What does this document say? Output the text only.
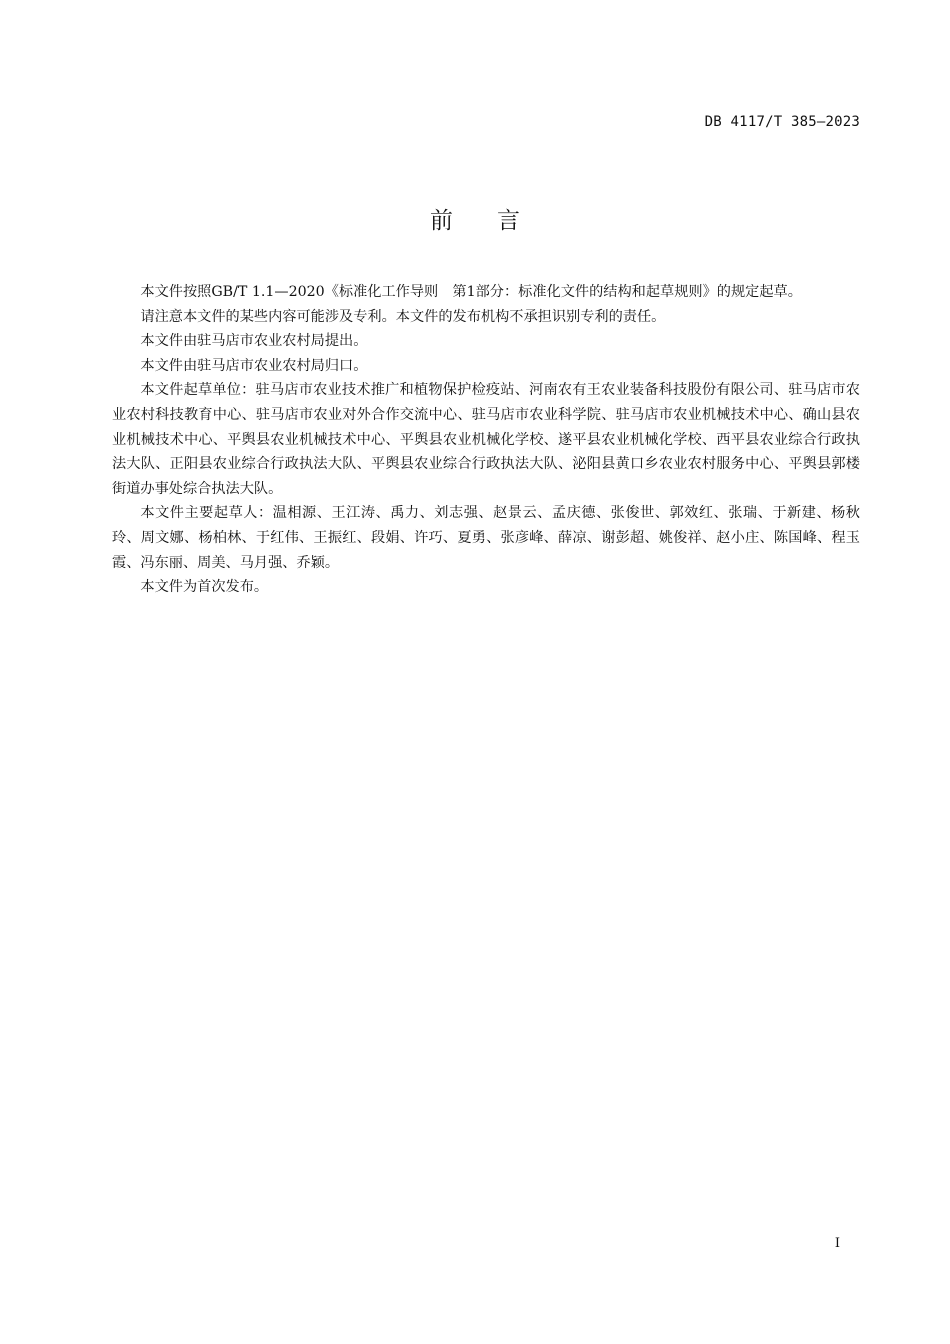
DB 4117/T 385—2023
前言

本文件按照GB/T 1.1—2020《标准化工作导则　第1部分：标准化文件的结构和起草规则》的规定起草。

请注意本文件的某些内容可能涉及专利。本文件的发布机构不承担识别专利的责任。

本文件由驻马店市农业农村局提出。

本文件由驻马店市农业农村局归口。

本文件起草单位：驻马店市农业技术推广和植物保护检疫站、河南农有王农业装备科技股份有限公司、驻马店市农业农村科技教育中心、驻马店市农业对外合作交流中心、驻马店市农业科学院、驻马店市农业机械技术中心、确山县农业机械技术中心、平舆县农业机械技术中心、平舆县农业机械化学校、遂平县农业机械化学校、西平县农业综合行政执法大队、正阳县农业综合行政执法大队、平舆县农业综合行政执法大队、泌阳县黄口乡农业农村服务中心、平舆县郭楼街道办事处综合执法大队。

本文件主要起草人：温相源、王江涛、禹力、刘志强、赵景云、孟庆德、张俊世、郭效红、张瑞、于新建、杨秋玲、周文娜、杨柏林、于红伟、王振红、段娟、许巧、夏勇、张彦峰、薛凉、谢彭超、姚俊祥、赵小庄、陈国峰、程玉霞、冯东丽、周美、马月强、乔颖。

本文件为首次发布。

I
